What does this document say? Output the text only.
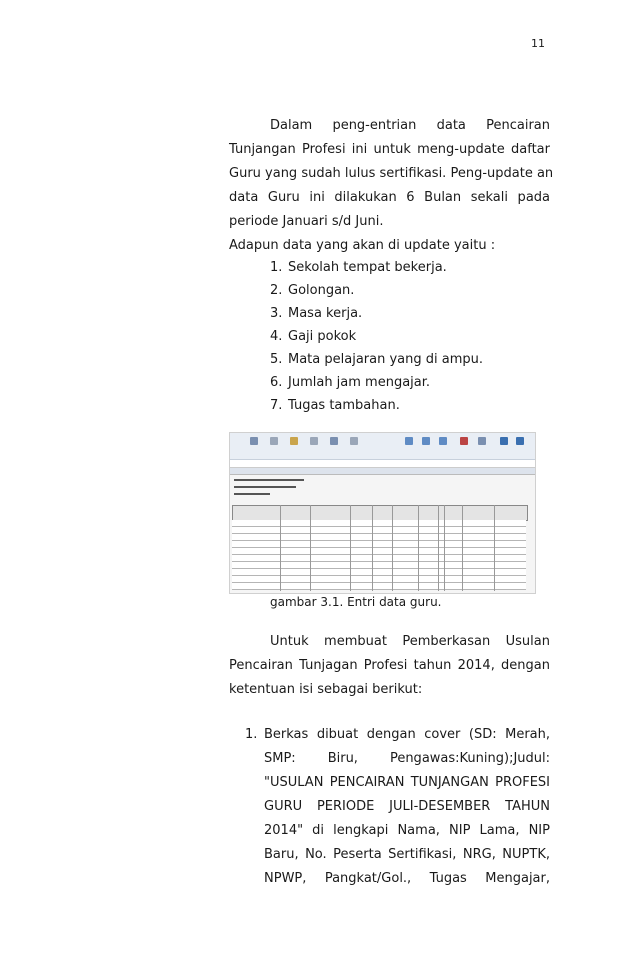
11
Dalam peng-entrian data Pencairan
Tunjangan Profesi ini untuk meng-update daftar
Guru yang sudah lulus sertifikasi. Peng-update an
data Guru ini dilakukan 6 Bulan sekali pada
periode Januari s/d Juni.
Adapun data yang akan di update yaitu :
1. Sekolah tempat bekerja.
2. Golongan.
3. Masa kerja.
4. Gaji pokok
5. Mata pelajaran yang di ampu.
6. Jumlah jam mengajar.
7. Tugas tambahan.
gambar 3.1. Entri data guru.
Untuk membuat Pemberkasan Usulan
Pencairan Tunjagan Profesi tahun 2014, dengan
ketentuan isi sebagai berikut:
1. Berkas dibuat dengan cover (SD: Merah,
SMP: Biru, Pengawas:Kuning);Judul:
"USULAN PENCAIRAN TUNJANGAN PROFESI
GURU PERIODE JULI-DESEMBER TAHUN
2014" di lengkapi Nama, NIP Lama, NIP
Baru, No. Peserta Sertifikasi, NRG, NUPTK,
NPWP, Pangkat/Gol., Tugas Mengajar,
